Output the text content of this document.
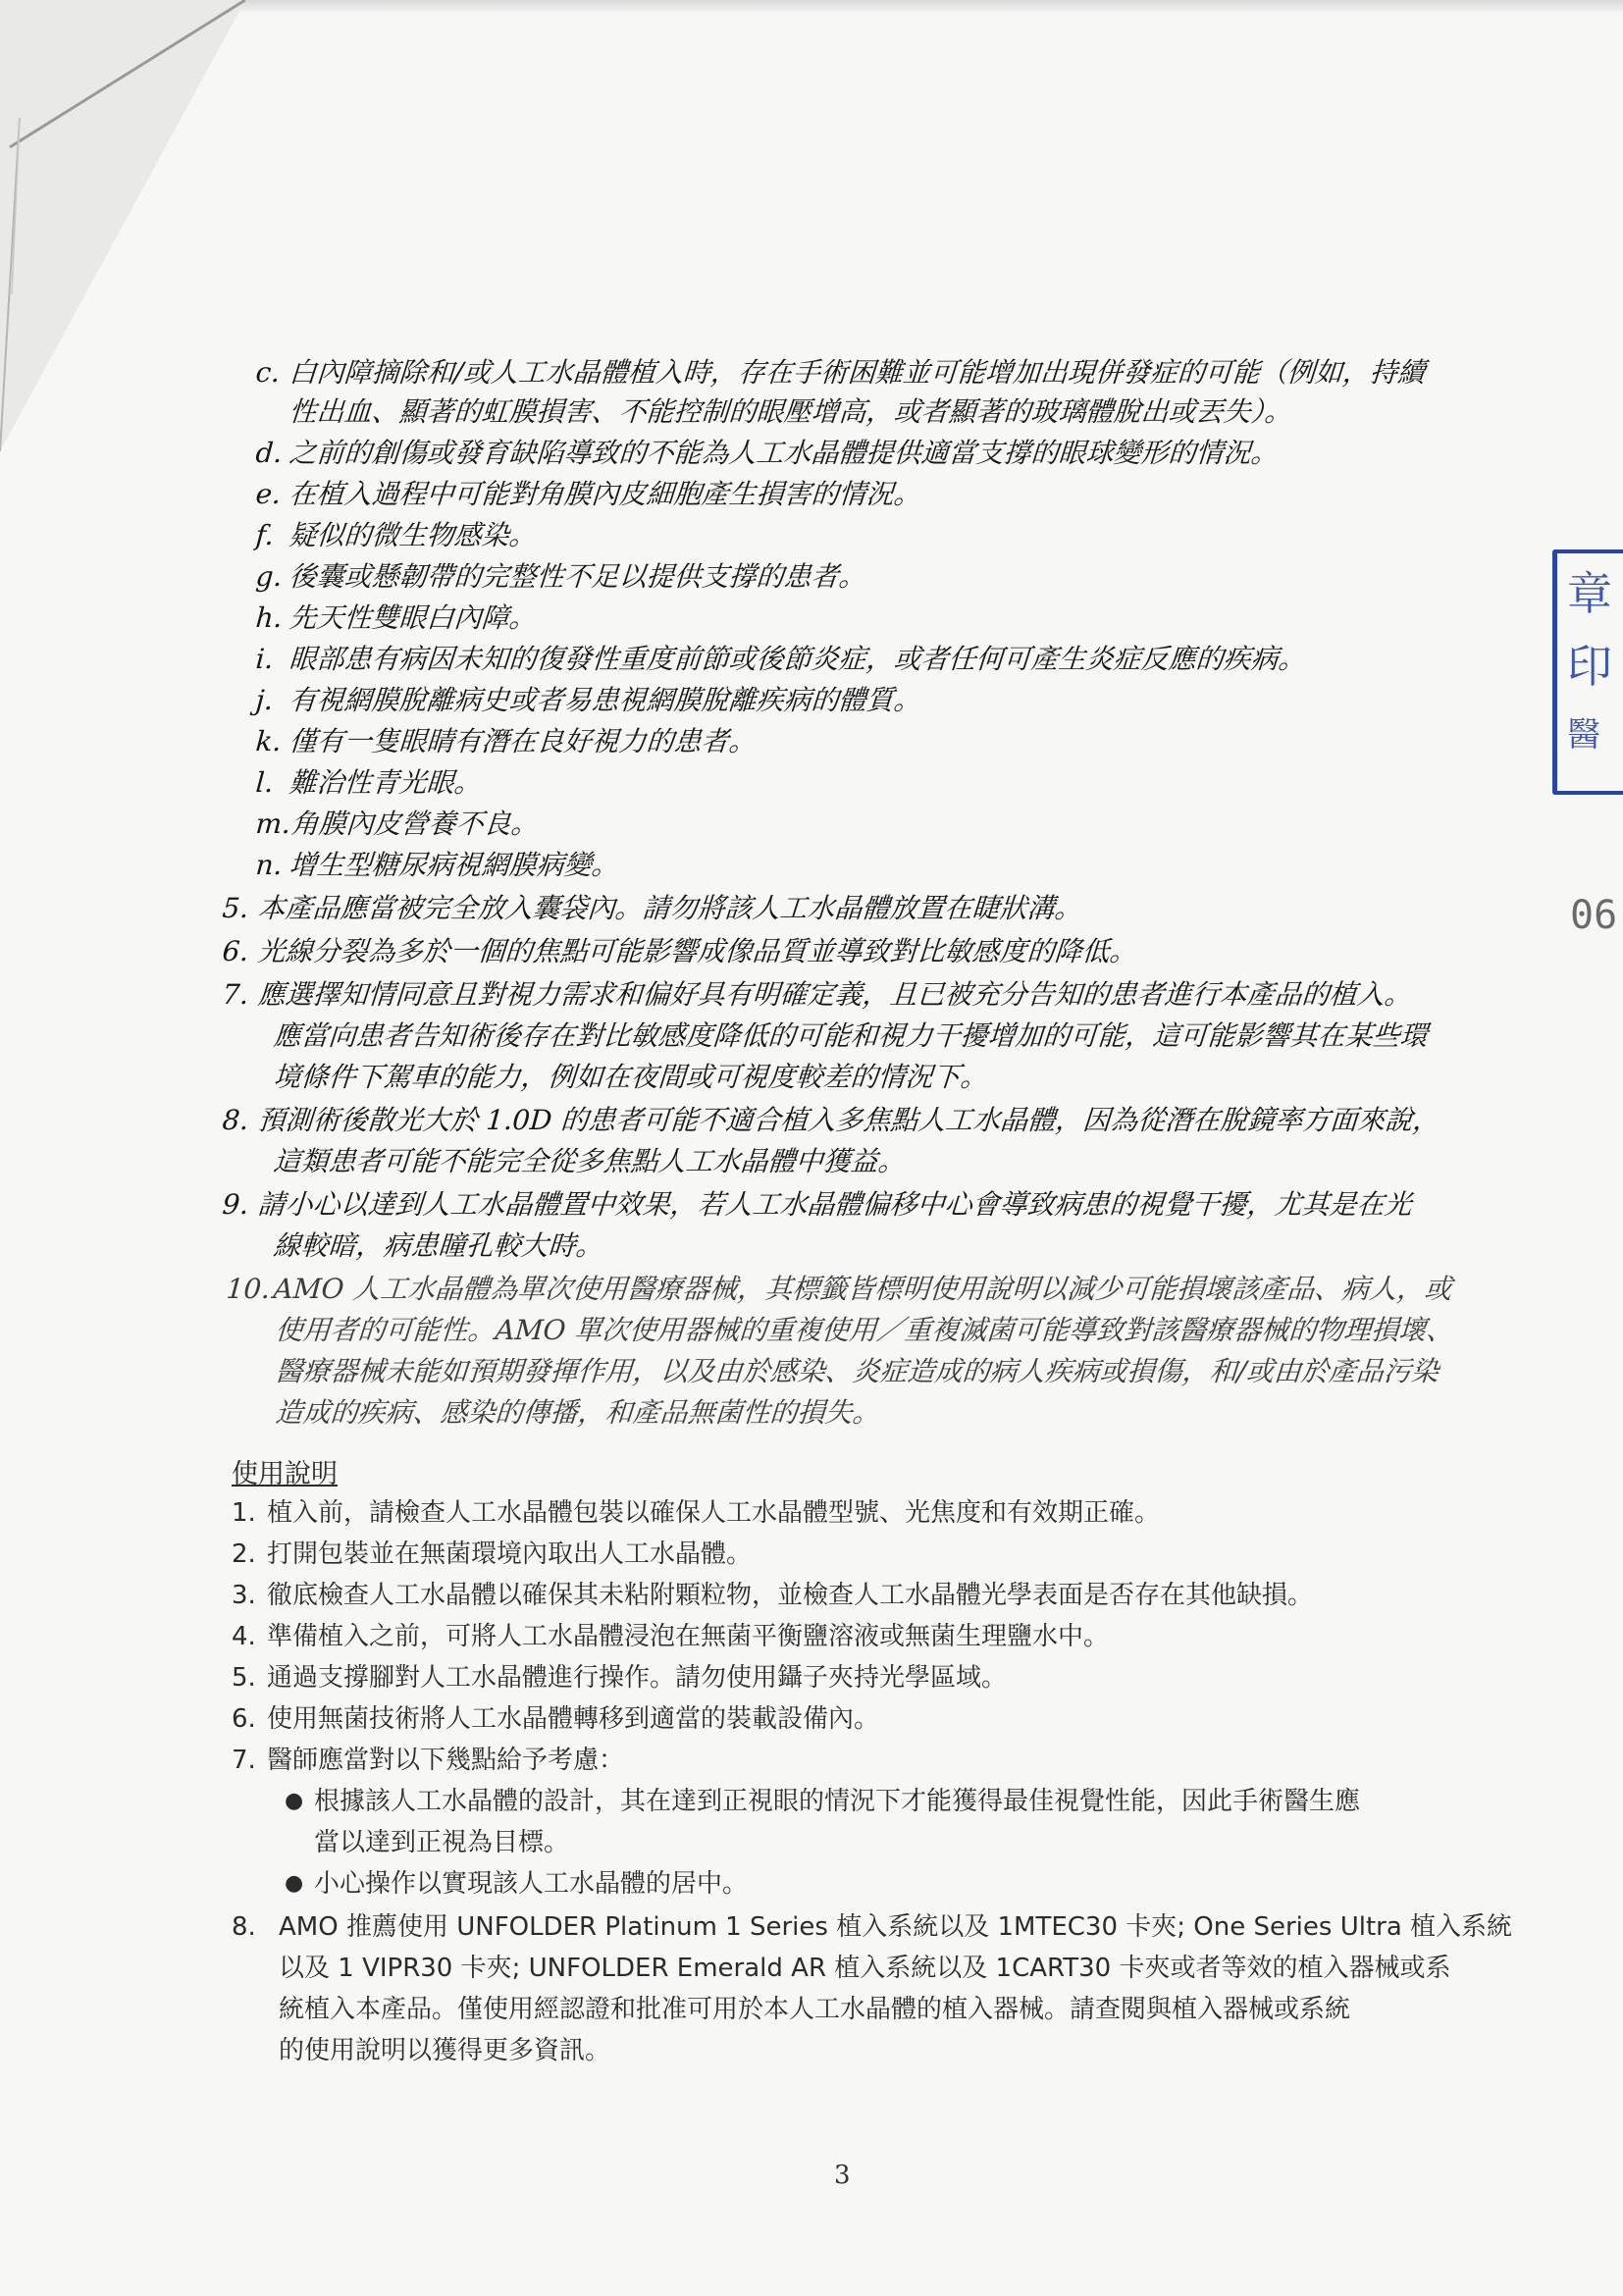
章
印
醫
06
c. 白內障摘除和/或人工水晶體植入時，存在手術困難並可能增加出現併發症的可能（例如，持續
性出血、顯著的虹膜損害、不能控制的眼壓增高，或者顯著的玻璃體脫出或丟失）。
d. 之前的創傷或發育缺陷導致的不能為人工水晶體提供適當支撐的眼球變形的情況。
e. 在植入過程中可能對角膜內皮細胞產生損害的情況。
f. 疑似的微生物感染。
g. 後囊或懸韌帶的完整性不足以提供支撐的患者。
h. 先天性雙眼白內障。
i. 眼部患有病因未知的復發性重度前節或後節炎症，或者任何可產生炎症反應的疾病。
j. 有視網膜脫離病史或者易患視網膜脫離疾病的體質。
k. 僅有一隻眼睛有潛在良好視力的患者。
l. 難治性青光眼。
m.
角膜內皮營養不良。
n. 增生型糖尿病視網膜病變。
5. 本產品應當被完全放入囊袋內。請勿將該人工水晶體放置在睫狀溝。
6. 光線分裂為多於一個的焦點可能影響成像品質並導致對比敏感度的降低。
7. 應選擇知情同意且對視力需求和偏好具有明確定義，且已被充分告知的患者進行本產品的植入。
應當向患者告知術後存在對比敏感度降低的可能和視力干擾增加的可能，這可能影響其在某些環
境條件下駕車的能力，例如在夜間或可視度較差的情況下。
8. 預測術後散光大於 1.0D 的患者可能不適合植入多焦點人工水晶體，因為從潛在脫鏡率方面來說，
這類患者可能不能完全從多焦點人工水晶體中獲益。
9. 請小心以達到人工水晶體置中效果，若人工水晶體偏移中心會導致病患的視覺干擾，尤其是在光
線較暗，病患瞳孔較大時。
10. AMO 人工水晶體為單次使用醫療器械，其標籤皆標明使用說明以減少可能損壞該產品、病人，或
使用者的可能性。AMO 單次使用器械的重複使用／重複滅菌可能導致對該醫療器械的物理損壞、
醫療器械未能如預期發揮作用，以及由於感染、炎症造成的病人疾病或損傷，和/或由於產品污染
造成的疾病、感染的傳播，和產品無菌性的損失。
使用說明
1. 植入前，請檢查人工水晶體包裝以確保人工水晶體型號、光焦度和有效期正確。
2. 打開包裝並在無菌環境內取出人工水晶體。
3. 徹底檢查人工水晶體以確保其未粘附顆粒物，並檢查人工水晶體光學表面是否存在其他缺損。
4. 準備植入之前，可將人工水晶體浸泡在無菌平衡鹽溶液或無菌生理鹽水中。
5. 通過支撐腳對人工水晶體進行操作。請勿使用鑷子夾持光學區域。
6. 使用無菌技術將人工水晶體轉移到適當的裝載設備內。
7. 醫師應當對以下幾點給予考慮：
● 根據該人工水晶體的設計，其在達到正視眼的情況下才能獲得最佳視覺性能，因此手術醫生應
當以達到正視為目標。
● 小心操作以實現該人工水晶體的居中。
8. AMO 推薦使用 UNFOLDER Platinum 1 Series 植入系統以及 1MTEC30 卡夾; One Series Ultra 植入系統
以及 1 VIPR30 卡夾; UNFOLDER Emerald AR 植入系統以及 1CART30 卡夾或者等效的植入器械或系
統植入本產品。僅使用經認證和批准可用於本人工水晶體的植入器械。請查閱與植入器械或系統
的使用說明以獲得更多資訊。
3
